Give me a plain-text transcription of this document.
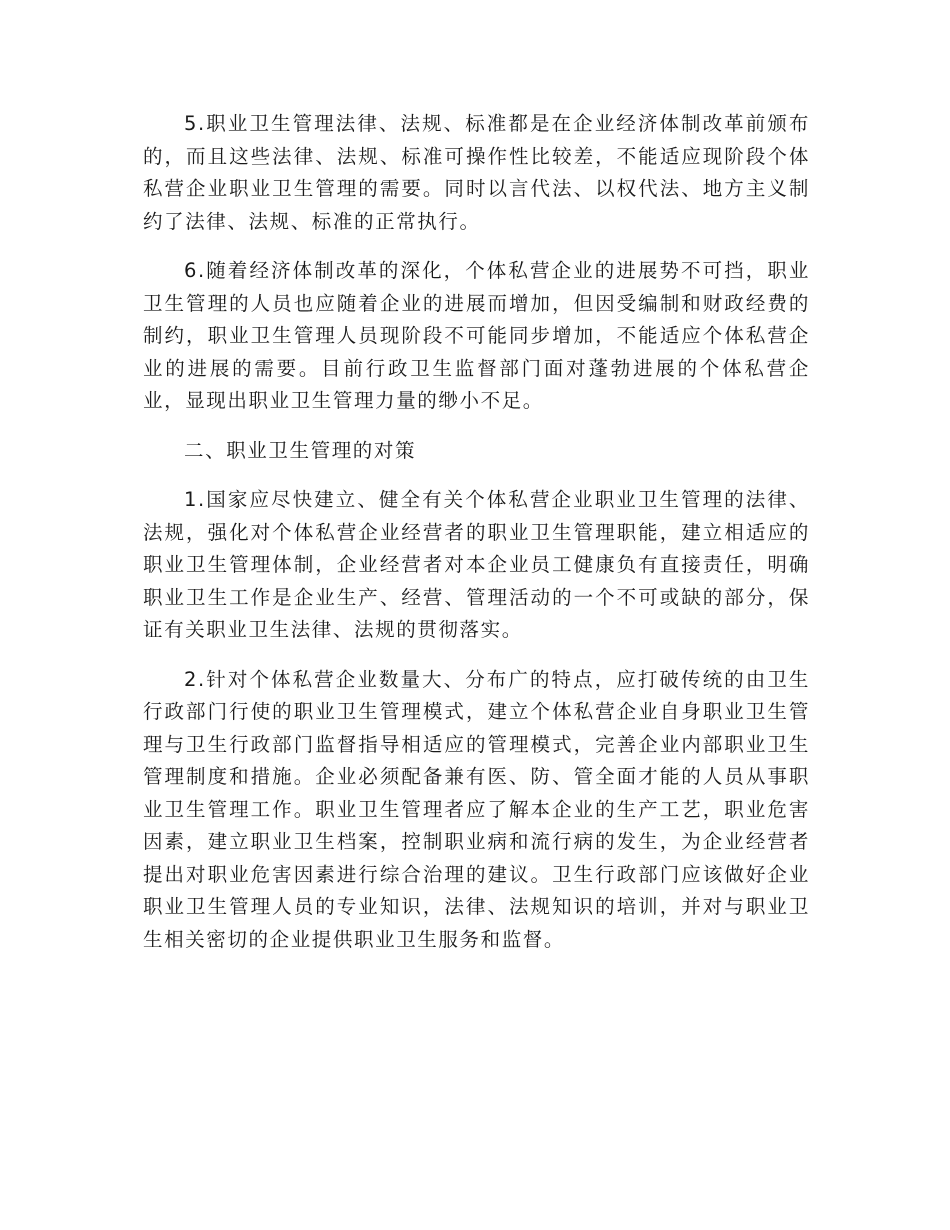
5.职业卫生管理法律、法规、标准都是在企业经济体制改革前颁布的，而且这些法律、法规、标准可操作性比较差，不能适应现阶段个体私营企业职业卫生管理的需要。同时以言代法、以权代法、地方主义制约了法律、法规、标准的正常执行。

6.随着经济体制改革的深化，个体私营企业的进展势不可挡，职业卫生管理的人员也应随着企业的进展而增加，但因受编制和财政经费的制约，职业卫生管理人员现阶段不可能同步增加，不能适应个体私营企业的进展的需要。目前行政卫生监督部门面对蓬勃进展的个体私营企业，显现出职业卫生管理力量的缈小不足。

二、职业卫生管理的对策

1.国家应尽快建立、健全有关个体私营企业职业卫生管理的法律、法规，强化对个体私营企业经营者的职业卫生管理职能，建立相适应的职业卫生管理体制，企业经营者对本企业员工健康负有直接责任，明确职业卫生工作是企业生产、经营、管理活动的一个不可或缺的部分，保证有关职业卫生法律、法规的贯彻落实。

2.针对个体私营企业数量大、分布广的特点，应打破传统的由卫生行政部门行使的职业卫生管理模式，建立个体私营企业自身职业卫生管理与卫生行政部门监督指导相适应的管理模式，完善企业内部职业卫生管理制度和措施。企业必须配备兼有医、防、管全面才能的人员从事职业卫生管理工作。职业卫生管理者应了解本企业的生产工艺，职业危害因素，建立职业卫生档案，控制职业病和流行病的发生，为企业经营者提出对职业危害因素进行综合治理的建议。卫生行政部门应该做好企业职业卫生管理人员的专业知识，法律、法规知识的培训，并对与职业卫生相关密切的企业提供职业卫生服务和监督。
